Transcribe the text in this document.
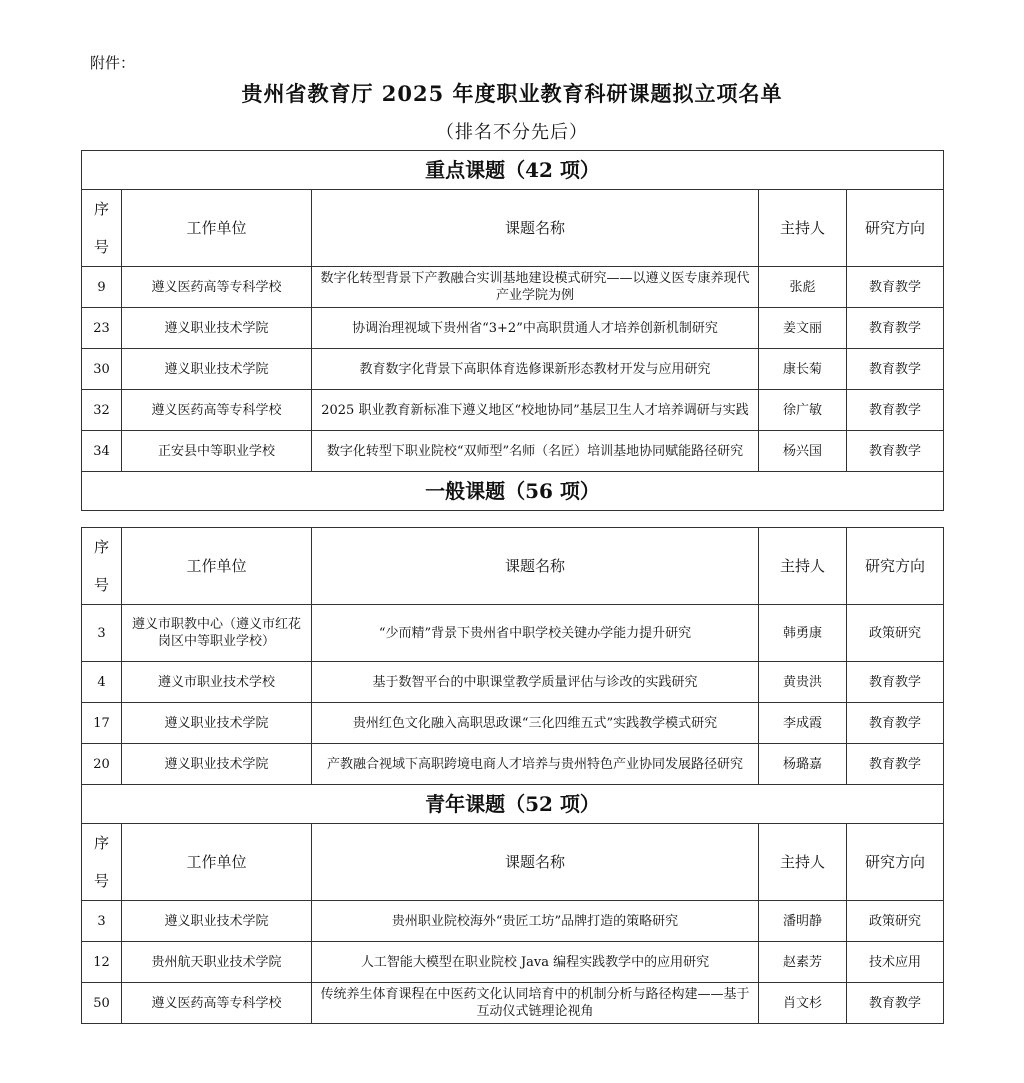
附件：
贵州省教育厅 2025 年度职业教育科研课题拟立项名单
（排名不分先后）
重点课题（42 项）				
序
号	工作单位	课题名称	主持人	研究方向
9	遵义医药高等专科学校	数字化转型背景下产教融合实训基地建设模式研究——以遵义医专康养现代产业学院为例	张彪	教育教学
23	遵义职业技术学院	协调治理视域下贵州省“3+2”中高职贯通人才培养创新机制研究	姜文丽	教育教学
30	遵义职业技术学院	教育数字化背景下高职体育选修课新形态教材开发与应用研究	康长菊	教育教学
32	遵义医药高等专科学校	2025 职业教育新标准下遵义地区“校地协同”基层卫生人才培养调研与实践	徐广敏	教育教学
34	正安县中等职业学校	数字化转型下职业院校“双师型”名师（名匠）培训基地协同赋能路径研究	杨兴国	教育教学
一般课题（56 项）				
序
号	工作单位	课题名称	主持人	研究方向
3	遵义市职教中心（遵义市红花岗区中等职业学校）	“少而精”背景下贵州省中职学校关键办学能力提升研究	韩勇康	政策研究
4	遵义市职业技术学校	基于数智平台的中职课堂教学质量评估与诊改的实践研究	黄贵洪	教育教学
17	遵义职业技术学院	贵州红色文化融入高职思政课“三化四维五式”实践教学模式研究	李成霞	教育教学
20	遵义职业技术学院	产教融合视域下高职跨境电商人才培养与贵州特色产业协同发展路径研究	杨璐嘉	教育教学
青年课题（52 项）				
序
号	工作单位	课题名称	主持人	研究方向
3	遵义职业技术学院	贵州职业院校海外“贵匠工坊”品牌打造的策略研究	潘明静	政策研究
12	贵州航天职业技术学院	人工智能大模型在职业院校 Java 编程实践教学中的应用研究	赵素芳	技术应用
50	遵义医药高等专科学校	传统养生体育课程在中医药文化认同培育中的机制分析与路径构建——基于互动仪式链理论视角	肖文杉	教育教学
